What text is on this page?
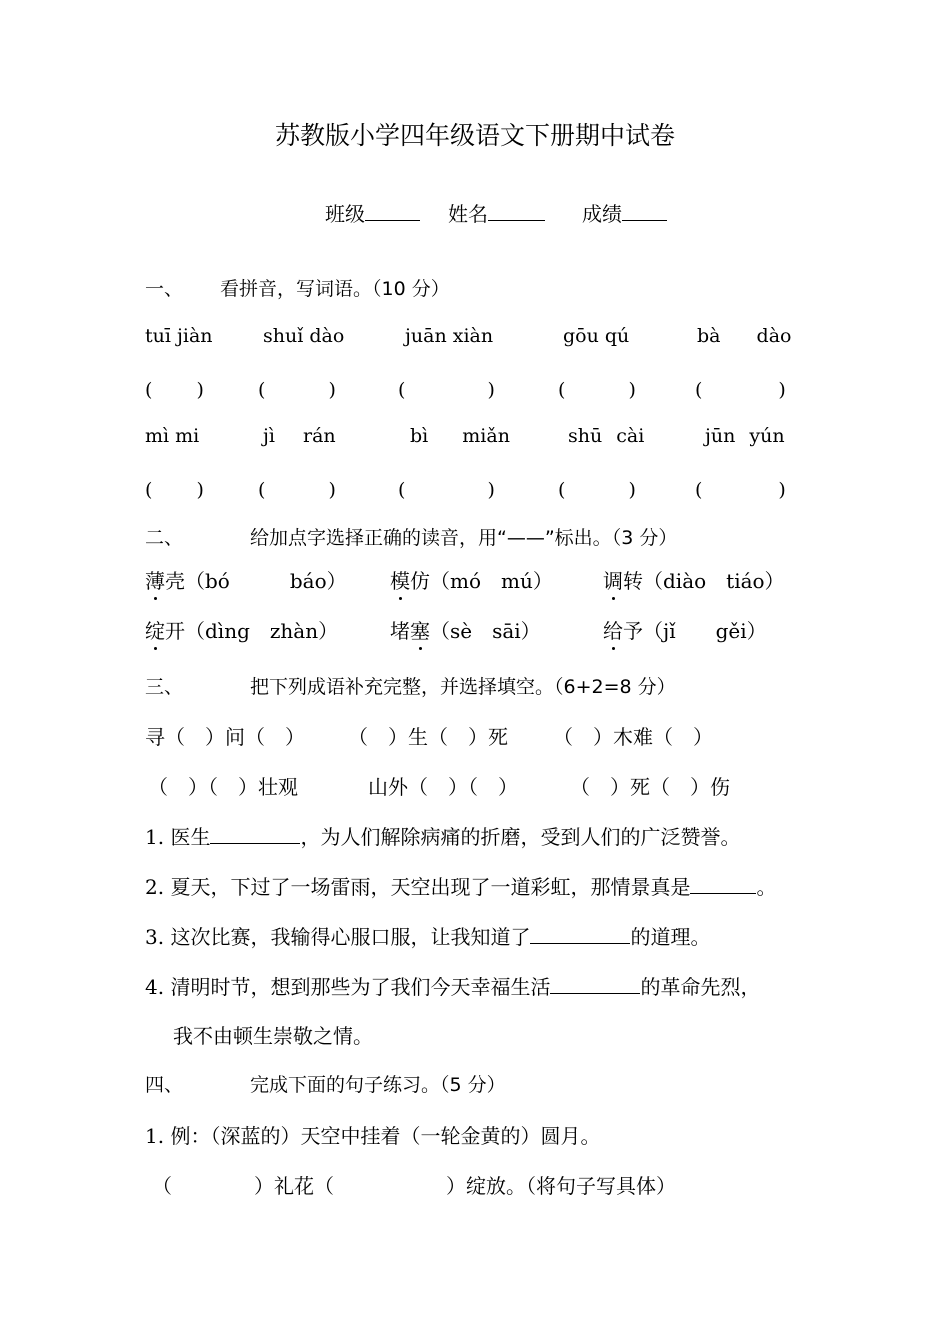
苏教版小学四年级语文下册期中试卷
班级	姓名	成绩
一、 看拼音，写词语。（10 分）
tuī jiàn	shuǐ dào	juān xiàn	gōu qú	bà dào
(　　 )	(　　　 )	(　　　　 )	(　　　 )	(　　　　)
mì mi	jì rán	bì miǎn	shū cài	jūn yún
(　　 )	(　　　 )	(　　　　 )	(　　　 )	(　　　　)
二、	给加点字选择正确的读音，用“——”标出。（3 分）
薄壳（bó　　　báo） 模仿（mó　mú）	调转（diào　tiáo）
绽开（dìng　zhàn）	堵塞（sè　sāi）	给予（jǐ　　gěi）
三、	把下列成语补充完整，并选择填空。（6+2=8 分）
寻（　）问（　） （　）生（　）死 （　）木难（　）
（　）（　）壮观	山外（　）（　）	（　）死（　）伤
1. 医生	，为人们解除病痛的折磨，受到人们的广泛赞誉。
2. 夏天，下过了一场雷雨，天空出现了一道彩虹，那情景真是	。
3. 这次比赛，我输得心服口服，让我知道了	的道理。
4. 清明时节，想到那些为了我们今天幸福生活	的革命先烈，
我不由顿生崇敬之情。
四、	完成下面的句子练习。（5 分）
1. 例：（深蓝的）天空中挂着（一轮金黄的）圆月。
（	）礼花（	）绽放。（将句子写具体）
